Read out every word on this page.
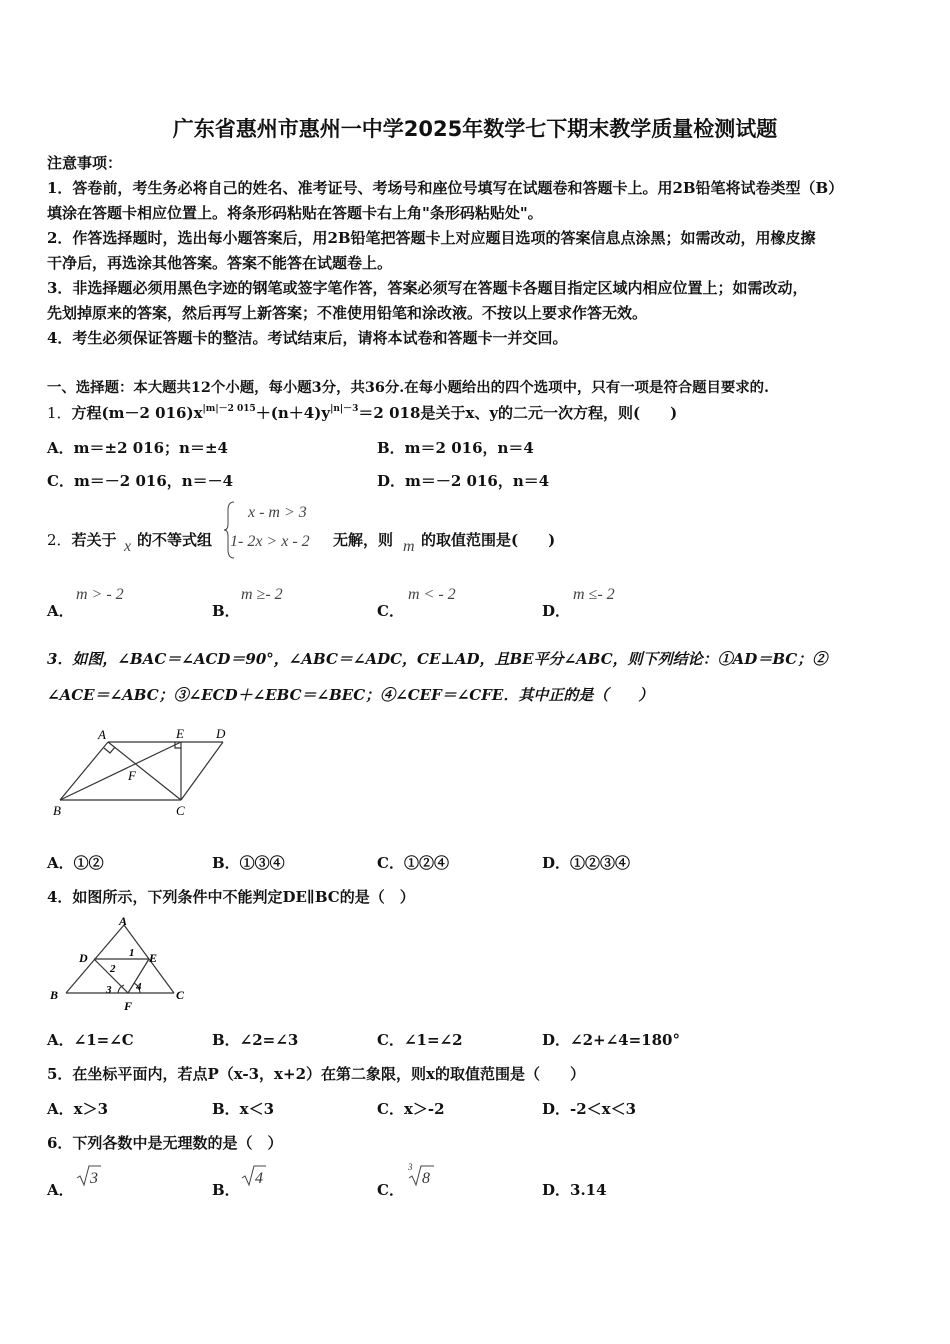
广东省惠州市惠州一中学2025年数学七下期末教学质量检测试题
注意事项：
1．答卷前，考生务必将自己的姓名、准考证号、考场号和座位号填写在试题卷和答题卡上。用2B铅笔将试卷类型（B）
填涂在答题卡相应位置上。将条形码粘贴在答题卡右上角"条形码粘贴处"。
2．作答选择题时，选出每小题答案后，用2B铅笔把答题卡上对应题目选项的答案信息点涂黑；如需改动，用橡皮擦
干净后，再选涂其他答案。答案不能答在试题卷上。
3．非选择题必须用黑色字迹的钢笔或签字笔作答，答案必须写在答题卡各题目指定区域内相应位置上；如需改动，
先划掉原来的答案，然后再写上新答案；不准使用铅笔和涂改液。不按以上要求作答无效。
4．考生必须保证答题卡的整洁。考试结束后，请将本试卷和答题卡一并交回。
一、选择题：本大题共12个小题，每小题3分，共36分.在每小题给出的四个选项中，只有一项是符合题目要求的.
1．方程(m－2 $016)x^{|m|-2 015}+(n+4)y^{|n|-3}=2$ 018是关于x、y的二元一次方程，则(　　)
A．m＝±2 016；n＝±4	B．m＝2 016，n＝4
C．m＝－2 016，n＝－4	D．m＝－2 016，n＝4
2．若关于 x 的不等式组
x - m > 3
1- 2x > x - 2 无解，则 m 的取值范围是(　　)
A．
m > - 2
B．
m ≥- 2
C．
m < - 2
D．
m ≤- 2
3．如图，∠BAC＝∠ACD＝90°，∠ABC＝∠ADC，CE⊥AD，且BE平分∠ABC，则下列结论：①AD＝BC；②
∠ACE＝∠ABC；③∠ECD＋∠EBC＝∠BEC；④∠CEF＝∠CFE．其中正的是（　　）
A	E D
F
B	C
A．①②	B．①③④	C．①②④	D．①②③④
4．如图所示，下列条件中不能判定DE∥BC的是（　）
A
D	E
B	C
F
1
2
3 4
A．∠1=∠C	B．∠2=∠3	C．∠1=∠2	D．∠2+∠4=180°
5．在坐标平面内，若点P（x-3，x+2）在第二象限，则x的取值范围是（　　）
A．x＞3	B．x＜3	C．x＞-2	D．-2＜x＜3
6．下列各数中是无理数的是（　）
A．
3
B．
4
C．
3
8
D．3.14
